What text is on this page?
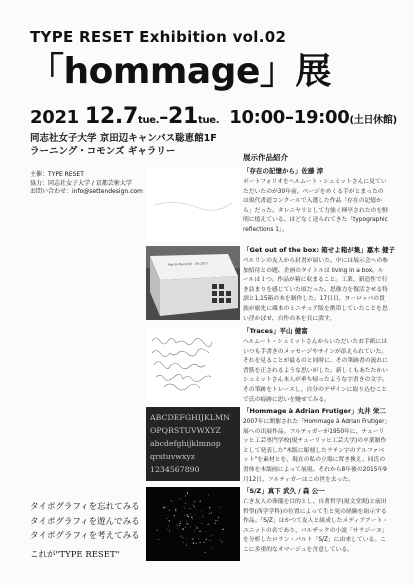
TYPE RESET Exhibition vol.02
「hommage」展
2021 12.7tue.–21tue. 10:00–19:00(土日休館)
同志社女子大学 京田辺キャンパス聡恵館1F
ラーニング・コモンズ ギャラリー
主催：TYPE RESET
協力：同志社女子大学 / 京都芸術大学
お問い合わせ：info@settendesign.com
タイポグラフィを忘れてみる
タイポグラフィを遊んでみる
タイポグラフィを考えてみる
これが"TYPE RESET"
展示作品紹介
Martin Mainz 06 – 09.2017
ABCDEFGHIJKLMN
OPQRSTUVWXYZ
abcdefghijklmnop
qrstuvwxyz
1234567890
「存在の記憶から」佐藤 淳
ポートフォリオをヘルムート・シュミットさんに見ていただいたのが30年前。ページをめくる手がとまったのは現代書道コンクールで入選した作品「存在の記憶から」だった。タレニヤリとして力強く揮亭されたのを鮮明に憶えている。ほどなく送られてきた「typographic reflections 1」。
「Get out of the box: 箱せよ箱が集」嘉木 健子
ペルリンの友人から封書が届いた。中には展示会への参加招待との題。企画のタイトルは living in a box。ルールは１つ。作品が箱に収まること。工業、新造性で行き詰まりを感じていた頃だった。思像力を復活させる特訓と1,15箱の本を制作した。17日目、ヨーロッパの貴族が旅先に蔵本のミニチュア版を携帯していたことを思い浮かばせ、自作の本を貝に潰す。
「Traces」平山 健富
ヘルムート・シュミットさんからいただいたお手紙にはいつも手書きのメッセージやサインが添えられていた。それを見ることが最るのと同時に、その筆跡書の流れに背筋を正されるような思いがした。新しくもあたたかいシュミットさん本人が垂ち帰ったような字書きの文字。その筆跡をトレースし、自分のデザインに取り込むことで氏の痕跡に思いを馳せてみる。
「Hommage à Adrian Frutiger」丸井 栄二
2007年に開催された「Hommage à Adrian Frutiger」展への出展作品。フルティガーが1950年に、チューリッヒ工芸専門学校(現チューリッヒ工芸大学)の卒業制作として発表した"木版に彫刻したラテン字のアルファベット"を素材とを、現在の私の立場に置き換え、同氏の書体を木版画によって展現。それから8年後の2015年9月12日、フルティガーはこの世を去った。
「S/Z」真下 武久 / 森 公一
亡き友人の葬儀を目的とし、自著哲学(現文堂間)と前田哲學(西学学科)の位置によって生と死の経験を組示する作品。「S/Z」はかつて友人と組成したメディアアート・ユニットの名であり、バルザックの小説「サラジーヌ」を分析したロラン・バルト「S/Z」に由来している。ここに多重的なオマージュを含意している。
